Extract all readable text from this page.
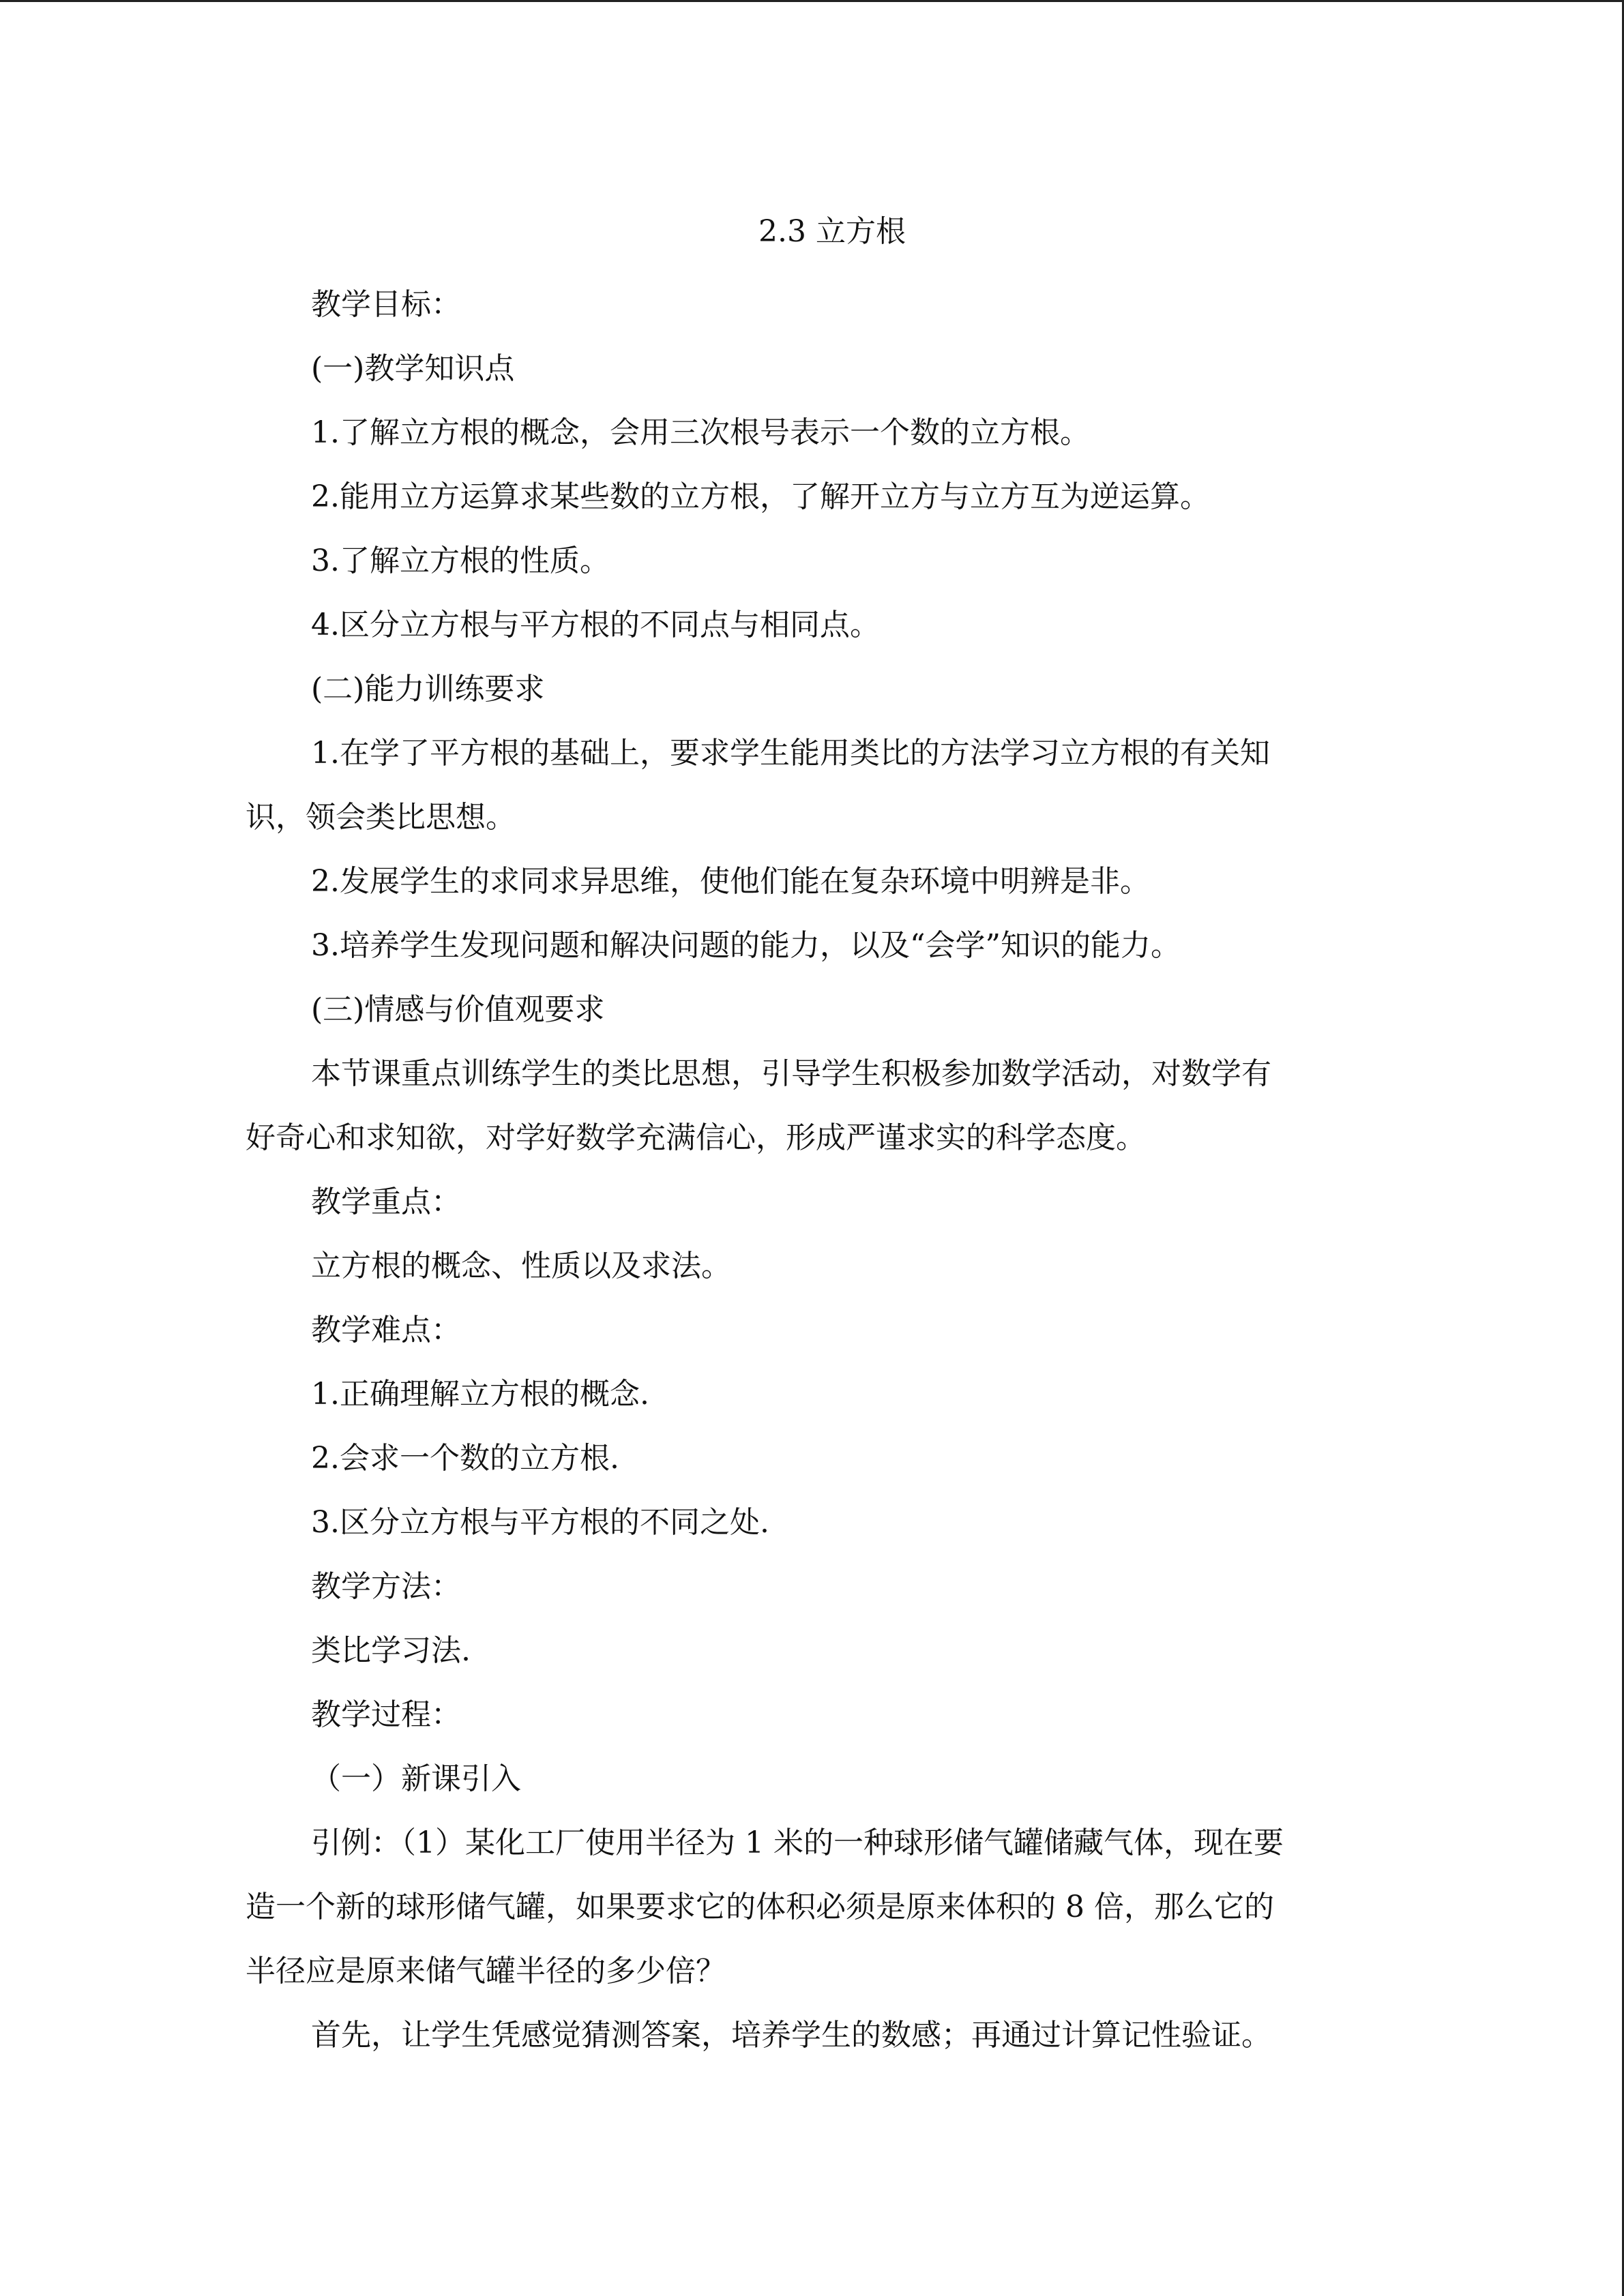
2.3 立方根

教学目标：

(一)教学知识点

1.了解立方根的概念，会用三次根号表示一个数的立方根。

2.能用立方运算求某些数的立方根，了解开立方与立方互为逆运算。

3.了解立方根的性质。

4.区分立方根与平方根的不同点与相同点。

(二)能力训练要求

1.在学了平方根的基础上，要求学生能用类比的方法学习立方根的有关知
识，领会类比思想。

2.发展学生的求同求异思维，使他们能在复杂环境中明辨是非。

3.培养学生发现问题和解决问题的能力，以及“会学”知识的能力。

(三)情感与价值观要求

本节课重点训练学生的类比思想，引导学生积极参加数学活动，对数学有
好奇心和求知欲，对学好数学充满信心，形成严谨求实的科学态度。

教学重点：

立方根的概念、性质以及求法。

教学难点：

1.正确理解立方根的概念.

2.会求一个数的立方根.

3.区分立方根与平方根的不同之处.

教学方法：

类比学习法.

教学过程：

（一）新课引入

引例：（1）某化工厂使用半径为 1 米的一种球形储气罐储藏气体，现在要
造一个新的球形储气罐，如果要求它的体积必须是原来体积的 8 倍，那么它的
半径应是原来储气罐半径的多少倍？

首先，让学生凭感觉猜测答案，培养学生的数感；再通过计算记性验证。
